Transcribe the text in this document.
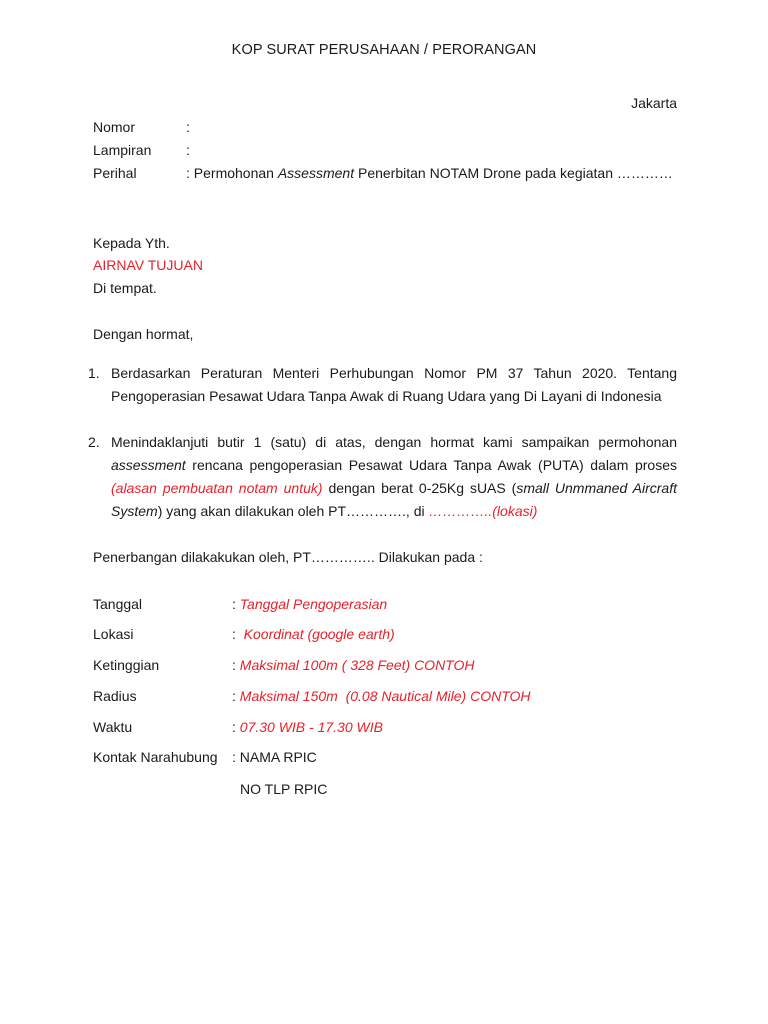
KOP SURAT PERUSAHAAN / PERORANGAN
Jakarta
Nomor	:
Lampiran :
Perihal	: Permohonan Assessment Penerbitan NOTAM Drone pada kegiatan …………
Kepada Yth.
AIRNAV TUJUAN
Di tempat.
Dengan hormat,
1. Berdasarkan Peraturan Menteri Perhubungan Nomor PM 37 Tahun 2020. Tentang
Pengoperasian Pesawat Udara Tanpa Awak di Ruang Udara yang Di Layani di Indonesia
2. Menindaklanjuti butir 1 (satu) di atas, dengan hormat kami sampaikan permohonan
assessment rencana pengoperasian Pesawat Udara Tanpa Awak (PUTA) dalam proses
(alasan pembuatan notam untuk) dengan berat 0-25Kg sUAS (small Unmmaned Aircraft
System) yang akan dilakukan oleh PT…………., di …………..(lokasi)
Penerbangan dilakakukan oleh, PT………….. Dilakukan pada :
Tanggal	: Tanggal Pengoperasian
Lokasi	:  Koordinat (google earth)
Ketinggian	: Maksimal 100m ( 328 Feet) CONTOH
Radius	: Maksimal 150m  (0.08 Nautical Mile) CONTOH
Waktu	: 07.30 WIB - 17.30 WIB
Kontak Narahubung : NAMA RPIC
NO TLP RPIC
